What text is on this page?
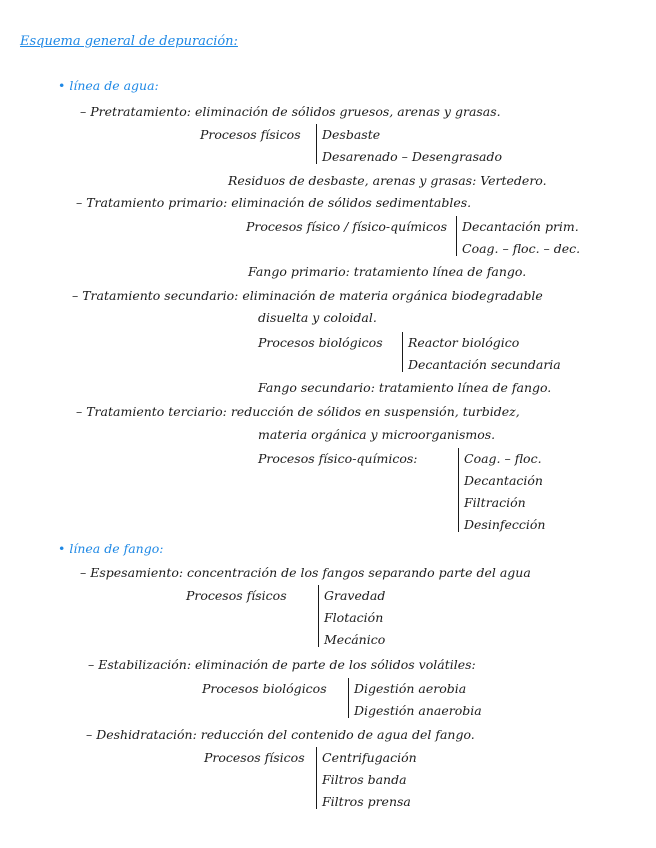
Esquema general de depuración:
• línea de agua:
– Pretratamiento: eliminación de sólidos gruesos, arenas y grasas.
Procesos físicos Desbaste
Desarenado – Desengrasado
Residuos de desbaste, arenas y grasas: Vertedero.
– Tratamiento primario: eliminación de sólidos sedimentables.
Procesos físico / físico-químicos Decantación prim.
Coag. – floc. – dec.
Fango primario: tratamiento línea de fango.
– Tratamiento secundario: eliminación de materia orgánica biodegradable
disuelta y coloidal.
Procesos biológicos Reactor biológico
Decantación secundaria
Fango secundario: tratamiento línea de fango.
– Tratamiento terciario: reducción de sólidos en suspensión, turbidez,
materia orgánica y microorganismos.
Procesos físico-químicos:	Coag. – floc.
Decantación
Filtración
Desinfección
• línea de fango:
– Espesamiento: concentración de los fangos separando parte del agua
Procesos físicos	Gravedad
Flotación
Mecánico
– Estabilización: eliminación de parte de los sólidos volátiles:
Procesos biológicos Digestión aerobia
Digestión anaerobia
– Deshidratación: reducción del contenido de agua del fango.
Procesos físicos Centrifugación
Filtros banda
Filtros prensa
